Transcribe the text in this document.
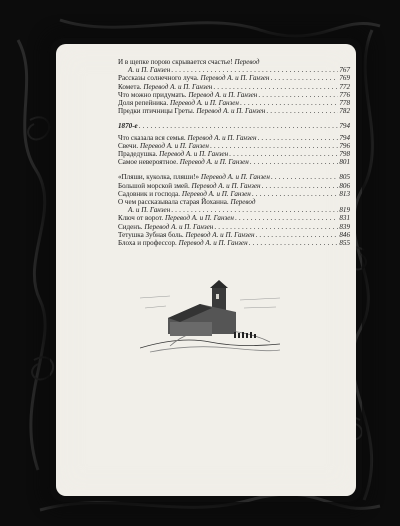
И в щепке порою скрывается счастье! Перевод
А. и П. Ганзен . . .	767
Рассказы солнечного луча. Перевод А. и П. Ганзен . . .	769
Комета. Перевод А. и П. Ганзен . . .	772
Что можно придумать. Перевод А. и П. Ганзен . . .	776
Доля репейника. Перевод А. и П. Ганзен . . .	778
Предки птичницы Греты. Перевод А. и П. Ганзен . . .	782
1870-е . . .	794
Что сказала вся семья. Перевод А. и П. Ганзен . . .	794
Свечи. Перевод А. и П. Ганзен . . .	796
Прадедушка. Перевод А. и П. Ганзен . . .	798
Самое невероятное. Перевод А. и П. Ганзен . . .	801
«Пляши, куколка, пляши!» Перевод А. и П. Ганзен . . .	805
Большой морской змей. Перевод А. и П. Ганзен . . .	806
Садовник и господа. Перевод А. и П. Ганзен . . .	813
О чем рассказывала старая Йоханна. Перевод
А. и П. Ганзен . . .	819
Ключ от ворот. Перевод А. и П. Ганзен . . .	831
Сиденъ. Перевод А. и П. Ганзен . . .	839
Тетушка Зубная боль. Перевод А. и П. Ганзен . . .	846
Блоха и профессор. Перевод А. и П. Ганзен . . .	855
